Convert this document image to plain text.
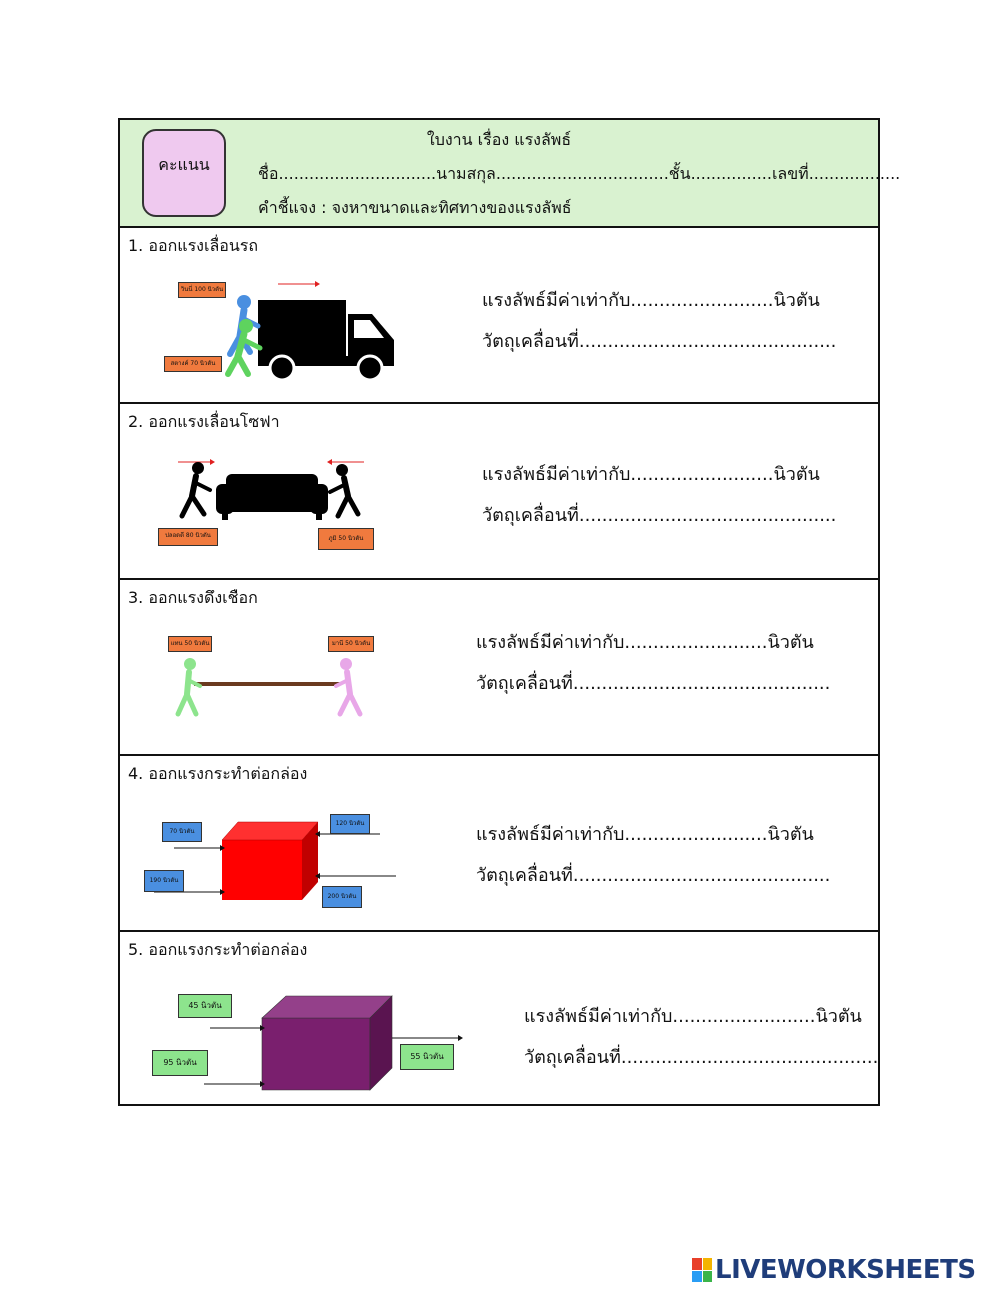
คะแนน
ใบงาน เรื่อง แรงลัพธ์
ชื่อ...............................นามสกุล..................................ชั้น................เลขที่..................
คำชี้แจง : จงหาขนาดและทิศทางของแรงลัพธ์
1. ออกแรงเลื่อนรถ
วินนี่ 100 นิวตัน
สตางค์ 70 นิวตัน
แรงลัพธ์มีค่าเท่ากับ.........................นิวตัน
วัตถุเคลื่อนที่.............................................
2. ออกแรงเลื่อนโซฟา
ปลอดดี 80 นิวตัน	ภูมิ 50 นิวตัน
แรงลัพธ์มีค่าเท่ากับ.........................นิวตัน
วัตถุเคลื่อนที่.............................................
3. ออกแรงดึงเชือก
แทน 50 นิวตัน	มานี 50 นิวตัน	แรงลัพธ์มีค่าเท่ากับ.........................นิวตัน
วัตถุเคลื่อนที่.............................................
4. ออกแรงกระทำต่อกล่อง
70 นิวตัน
190 นิวตัน
120 นิวตัน
200 นิวตัน
แรงลัพธ์มีค่าเท่ากับ.........................นิวตัน
วัตถุเคลื่อนที่.............................................
5. ออกแรงกระทำต่อกล่อง
45 นิวตัน
95 นิวตัน
55 นิวตัน
แรงลัพธ์มีค่าเท่ากับ.........................นิวตัน
วัตถุเคลื่อนที่.............................................
LIVEWORKSHEETS
